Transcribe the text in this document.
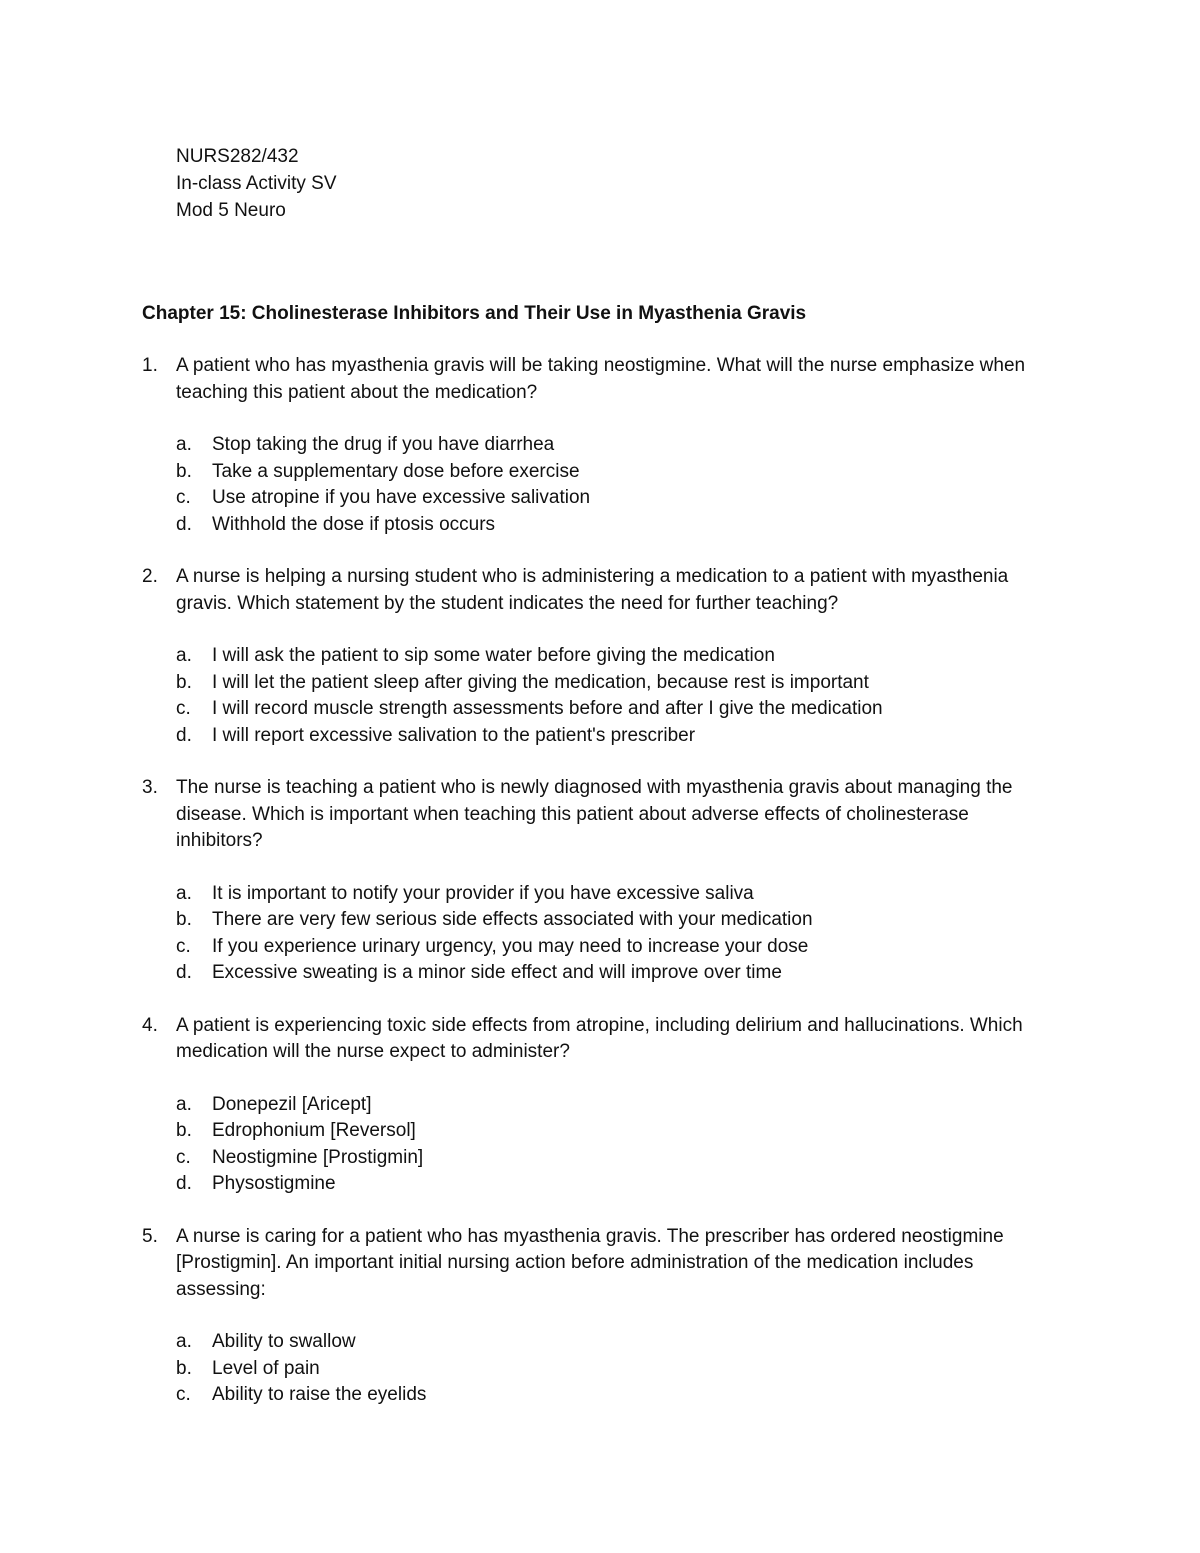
NURS282/432
In-class Activity SV
Mod 5 Neuro
Chapter 15: Cholinesterase Inhibitors and Their Use in Myasthenia Gravis
1. A patient who has myasthenia gravis will be taking neostigmine. What will the nurse emphasize when teaching this patient about the medication?
a. Stop taking the drug if you have diarrhea
b. Take a supplementary dose before exercise
c. Use atropine if you have excessive salivation
d. Withhold the dose if ptosis occurs
2. A nurse is helping a nursing student who is administering a medication to a patient with myasthenia gravis. Which statement by the student indicates the need for further teaching?
a. I will ask the patient to sip some water before giving the medication
b. I will let the patient sleep after giving the medication, because rest is important
c. I will record muscle strength assessments before and after I give the medication
d. I will report excessive salivation to the patient's prescriber
3. The nurse is teaching a patient who is newly diagnosed with myasthenia gravis about managing the disease. Which is important when teaching this patient about adverse effects of cholinesterase inhibitors?
a. It is important to notify your provider if you have excessive saliva
b. There are very few serious side effects associated with your medication
c. If you experience urinary urgency, you may need to increase your dose
d. Excessive sweating is a minor side effect and will improve over time
4. A patient is experiencing toxic side effects from atropine, including delirium and hallucinations. Which medication will the nurse expect to administer?
a. Donepezil [Aricept]
b. Edrophonium [Reversol]
c. Neostigmine [Prostigmin]
d. Physostigmine
5. A nurse is caring for a patient who has myasthenia gravis. The prescriber has ordered neostigmine [Prostigmin]. An important initial nursing action before administration of the medication includes assessing:
a. Ability to swallow
b. Level of pain
c. Ability to raise the eyelids
